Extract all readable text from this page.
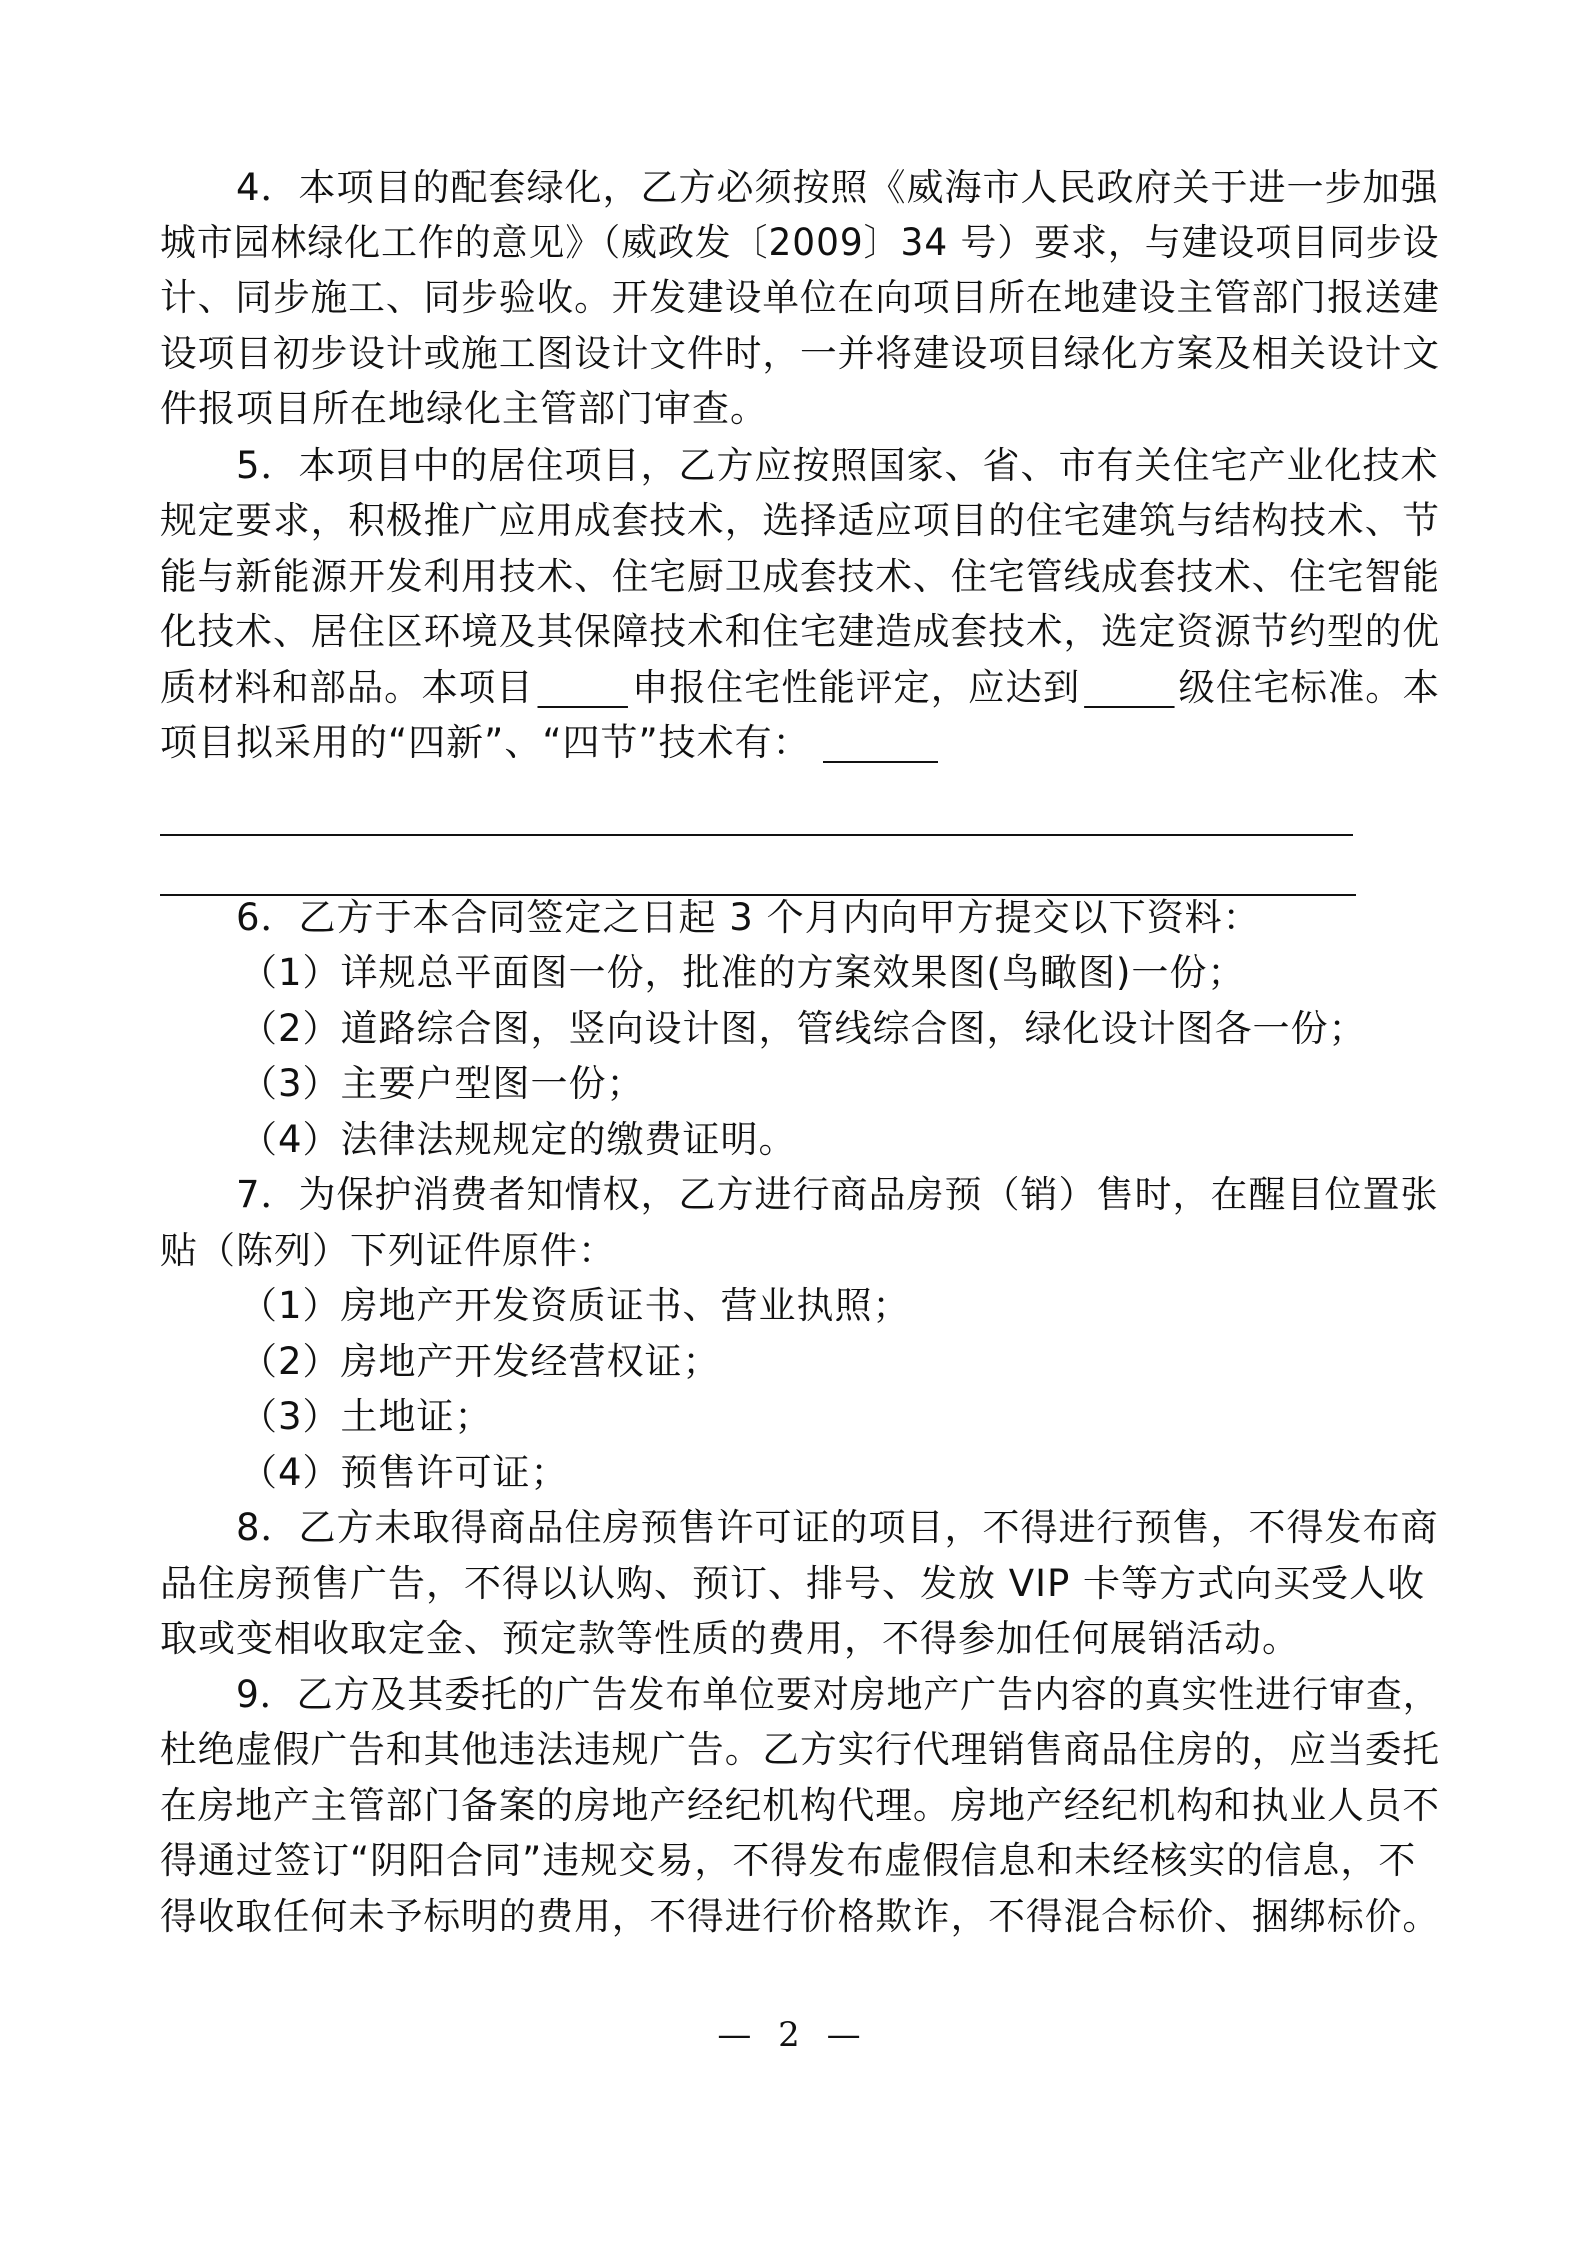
4．本项目的配套绿化，乙方必须按照《威海市人民政府关于进一步加强
城市园林绿化工作的意见》（威政发〔2009〕34 号）要求，与建设项目同步设
计、同步施工、同步验收。开发建设单位在向项目所在地建设主管部门报送建
设项目初步设计或施工图设计文件时，一并将建设项目绿化方案及相关设计文
件报项目所在地绿化主管部门审查。
5．本项目中的居住项目，乙方应按照国家、省、市有关住宅产业化技术
规定要求，积极推广应用成套技术，选择适应项目的住宅建筑与结构技术、节
能与新能源开发利用技术、住宅厨卫成套技术、住宅管线成套技术、住宅智能
化技术、居住区环境及其保障技术和住宅建造成套技术，选定资源节约型的优
质材料和部品。本项目	申报住宅性能评定，应达到	级住宅标准。本
项目拟采用的“四新”、“四节”技术有：
6．乙方于本合同签定之日起 3 个月内向甲方提交以下资料：
（1）详规总平面图一份，批准的方案效果图(鸟瞰图)一份；
（2）道路综合图，竖向设计图，管线综合图，绿化设计图各一份；
（3）主要户型图一份；
（4）法律法规规定的缴费证明。
7．为保护消费者知情权，乙方进行商品房预（销）售时，在醒目位置张
贴（陈列）下列证件原件：
（1）房地产开发资质证书、营业执照；
（2）房地产开发经营权证；
（3）土地证；
（4）预售许可证；
8．乙方未取得商品住房预售许可证的项目，不得进行预售，不得发布商
品住房预售广告，不得以认购、预订、排号、发放 VIP 卡等方式向买受人收
取或变相收取定金、预定款等性质的费用，不得参加任何展销活动。
9．乙方及其委托的广告发布单位要对房地产广告内容的真实性进行审查，
杜绝虚假广告和其他违法违规广告。乙方实行代理销售商品住房的，应当委托
在房地产主管部门备案的房地产经纪机构代理。房地产经纪机构和执业人员不
得通过签订“阴阳合同”违规交易，不得发布虚假信息和未经核实的信息，不
得收取任何未予标明的费用，不得进行价格欺诈，不得混合标价、捆绑标价。
— 2 —
